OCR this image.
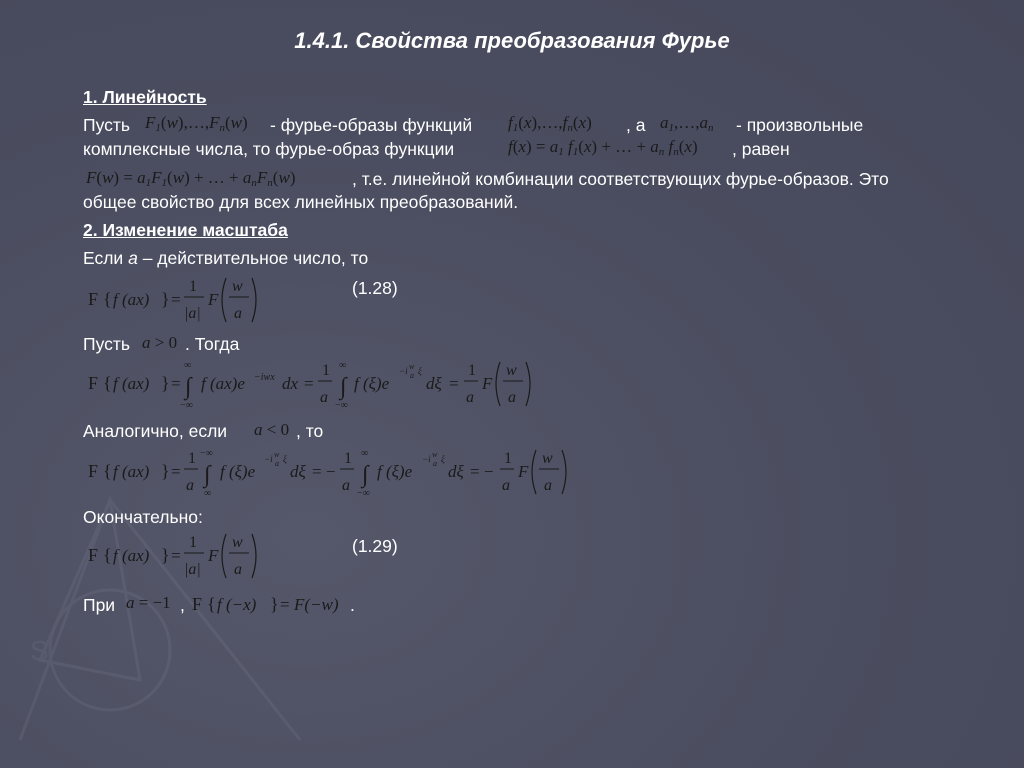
S
1.4.1. Свойства преобразования Фурье
1. Линейность
Пусть $F_1(w),\dots,F_n(w)$ - фурье-образы функций $f_1(x),\dots,f_n(x)$ , а $a_1,\dots,a_n$ - произвольные
комплексные числа, то фурье-образ функции	$f(x) = a_1$ $f_1(x)$ + … + $a_n$ $f_n(x)$ , равен
$F(w) = a_1F_1(w)$ + … + $a_nF_n(w)$	, т.е. линейной комбинации соответствующих фурье-образов. Это
общее свойство для всех линейных преобразований.
2. Изменение масштаба
Если a – действительное число, то
F { f (ax) } =
1
|a|
F
w
a
(1.28)
Пусть a > 0 . Тогда
F { f (ax) } =
∞
∫
−∞
f (ax)e −iwx dx =
1
a
∞
∫
−∞
f (ξ)e
−i w
a ξ
dξ =
1
a
F
w
a
Аналогично, если a < 0 , то
F { f (ax) } =
1
a
−∞
∫
∞
f (ξ)e
−i w
a ξ
dξ = −
1
a
∞
∫
−∞
f (ξ)e
−i w
a ξ
dξ = −
1
a
F
w
a
Окончательно:
F { f (ax) } =
1
|a|
F
w
a
(1.29)
При a = −1 , F { f (−x) } = F(−w) .
